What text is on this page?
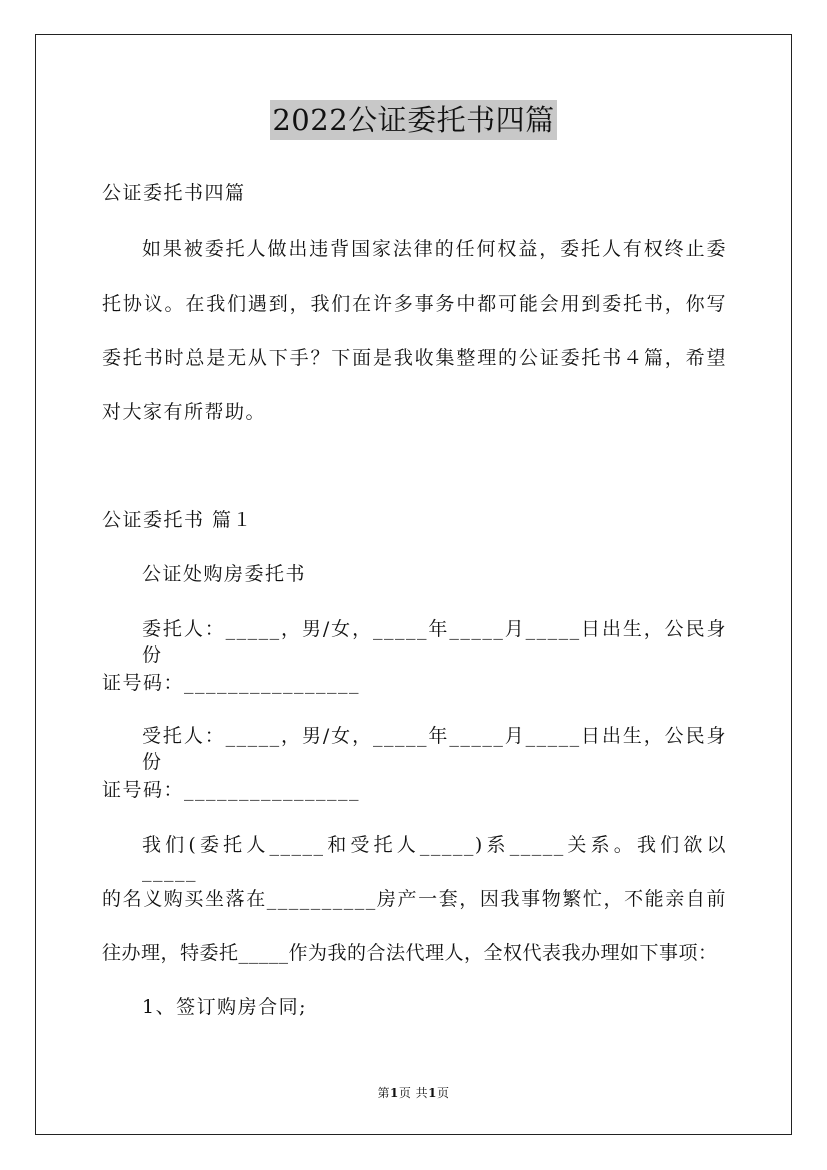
2022公证委托书四篇
公证委托书四篇
如果被委托人做出违背国家法律的任何权益，委托人有权终止委
托协议。在我们遇到，我们在许多事务中都可能会用到委托书，你写
委托书时总是无从下手？下面是我收集整理的公证委托书４篇，希望
对大家有所帮助。
公证委托书 篇１
公证处购房委托书
委托人：_____，男/女，_____年_____月_____日出生，公民身份
证号码：________________
受托人：_____，男/女，_____年_____月_____日出生，公民身份
证号码：________________
我们(委托人_____和受托人_____)系_____关系。我们欲以_____
的名义购买坐落在__________房产一套，因我事物繁忙，不能亲自前
往办理，特委托_____作为我的合法代理人，全权代表我办理如下事项：
1、签订购房合同;
第1页 共1页
